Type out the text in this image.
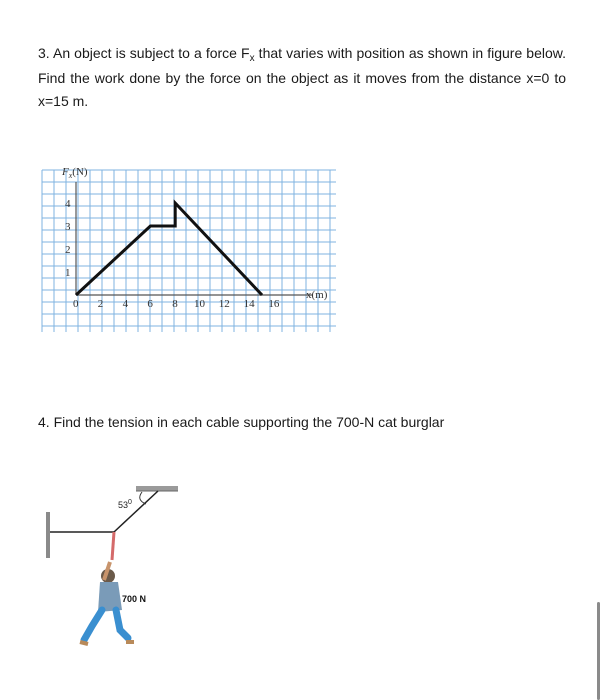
3. An object is subject to a force $F_x$ that varies with position as shown in figure below. Find the work done by the force on the object as it moves from the distance x=0 to x=15 m.
$F_x(N)$
x(m)
0 2 4 6 8 10 12 14 16
1
2
3
4
4. Find the tension in each cable supporting the 700-N cat burglar
$53^0$
700 N
